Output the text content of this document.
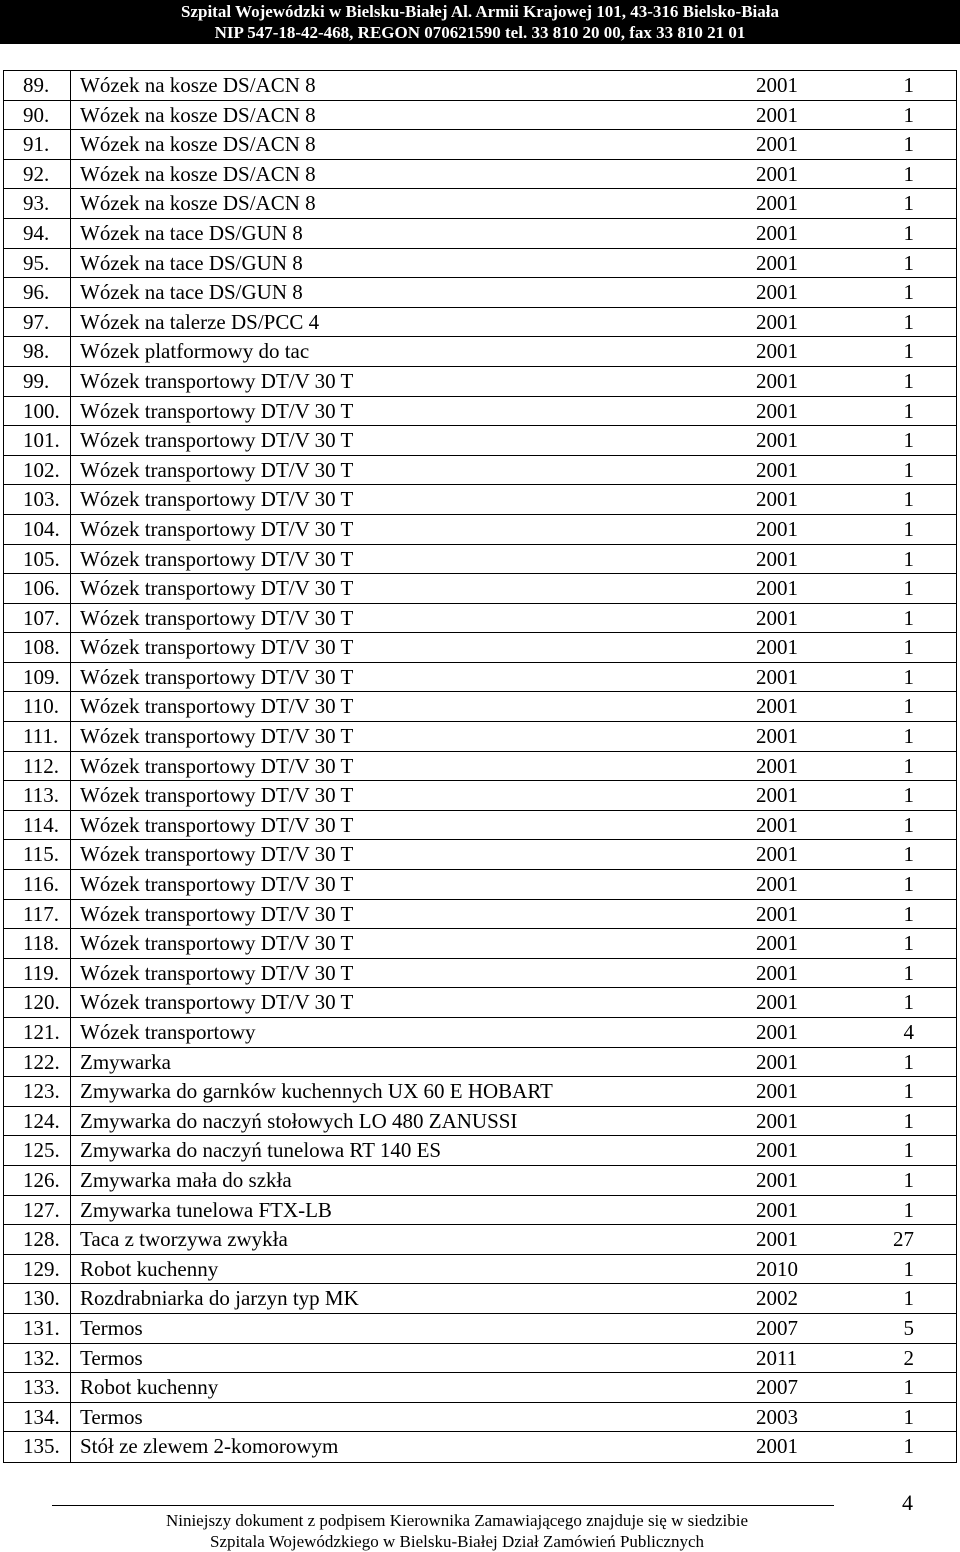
Szpital Wojewódzki w Bielsku-Białej Al. Armii Krajowej 101, 43-316 Bielsko-Biała
NIP 547-18-42-468, REGON 070621590 tel. 33 810 20 00, fax 33 810 21 01
89. Wózek na kosze DS/ACN 8	2001	1
90. Wózek na kosze DS/ACN 8	2001	1
91. Wózek na kosze DS/ACN 8	2001	1
92. Wózek na kosze DS/ACN 8	2001	1
93. Wózek na kosze DS/ACN 8	2001	1
94. Wózek na tace DS/GUN 8	2001	1
95. Wózek na tace DS/GUN 8	2001	1
96. Wózek na tace DS/GUN 8	2001	1
97. Wózek na talerze DS/PCC 4	2001	1
98. Wózek platformowy do tac	2001	1
99. Wózek transportowy DT/V 30 T	2001	1
100. Wózek transportowy DT/V 30 T	2001	1
101. Wózek transportowy DT/V 30 T	2001	1
102. Wózek transportowy DT/V 30 T	2001	1
103. Wózek transportowy DT/V 30 T	2001	1
104. Wózek transportowy DT/V 30 T	2001	1
105. Wózek transportowy DT/V 30 T	2001	1
106. Wózek transportowy DT/V 30 T	2001	1
107. Wózek transportowy DT/V 30 T	2001	1
108. Wózek transportowy DT/V 30 T	2001	1
109. Wózek transportowy DT/V 30 T	2001	1
110. Wózek transportowy DT/V 30 T	2001	1
111. Wózek transportowy DT/V 30 T	2001	1
112. Wózek transportowy DT/V 30 T	2001	1
113. Wózek transportowy DT/V 30 T	2001	1
114. Wózek transportowy DT/V 30 T	2001	1
115. Wózek transportowy DT/V 30 T	2001	1
116. Wózek transportowy DT/V 30 T	2001	1
117. Wózek transportowy DT/V 30 T	2001	1
118. Wózek transportowy DT/V 30 T	2001	1
119. Wózek transportowy DT/V 30 T	2001	1
120. Wózek transportowy DT/V 30 T	2001	1
121. Wózek transportowy	2001	4
122. Zmywarka	2001	1
123. Zmywarka do garnków kuchennych UX 60 E HOBART	2001	1
124. Zmywarka do naczyń stołowych LO 480 ZANUSSI	2001	1
125. Zmywarka do naczyń tunelowa RT 140 ES	2001	1
126. Zmywarka mała do szkła	2001	1
127. Zmywarka tunelowa FTX-LB	2001	1
128. Taca z tworzywa zwykła	2001	27
129. Robot kuchenny	2010	1
130. Rozdrabniarka do jarzyn typ MK	2002	1
131. Termos	2007	5
132. Termos	2011	2
133. Robot kuchenny	2007	1
134. Termos	2003	1
135. Stół ze zlewem 2-komorowym	2001	1
Niniejszy dokument z podpisem Kierownika Zamawiającego znajduje się w siedzibie
Szpitala Wojewódzkiego w Bielsku-Białej Dział Zamówień Publicznych
4
